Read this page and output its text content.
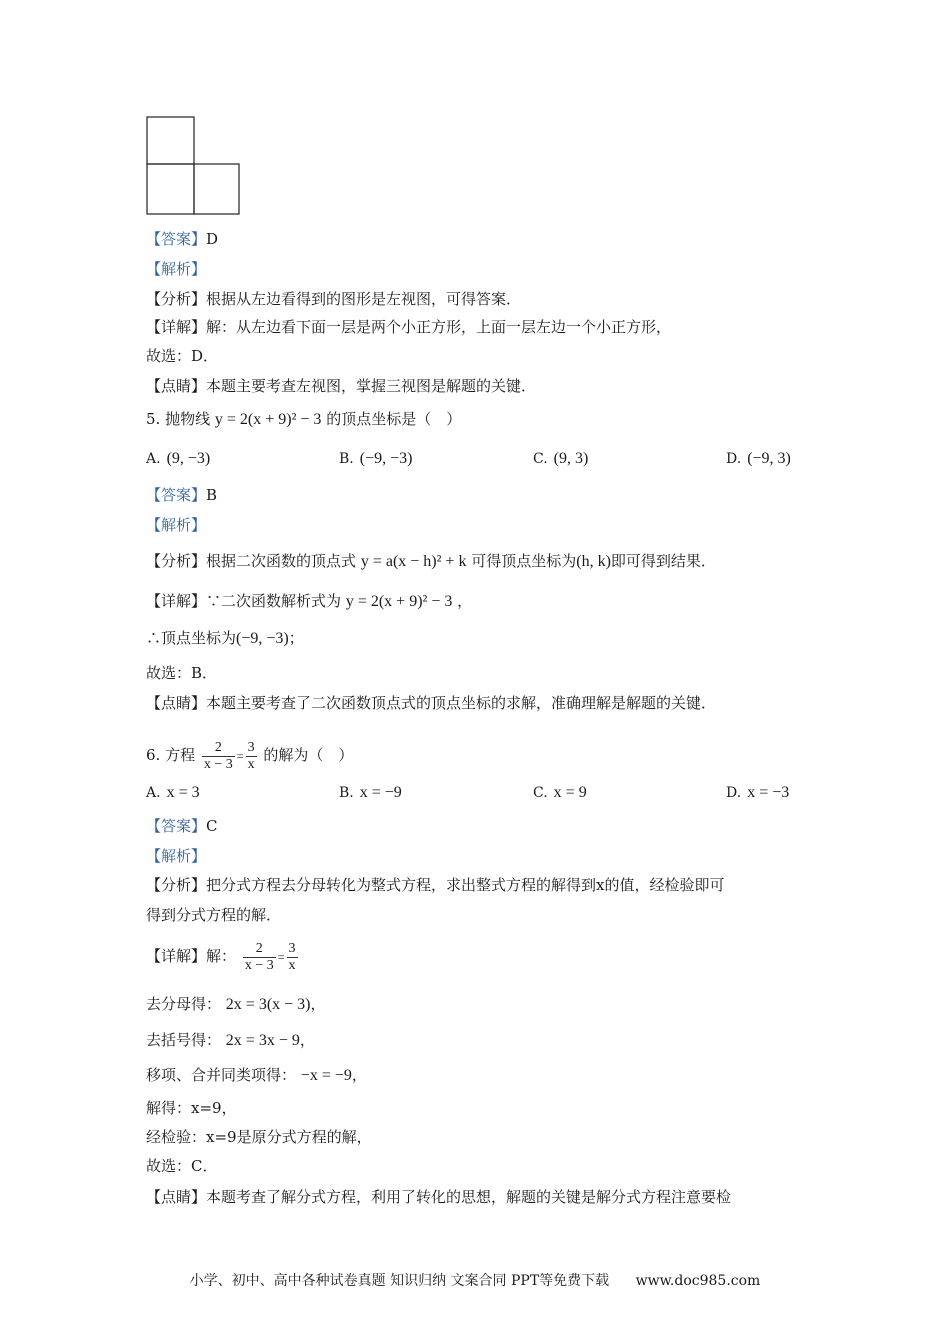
【答案】D
【解析】
【分析】根据从左边看得到的图形是左视图，可得答案．
【详解】解：从左边看下面一层是两个小正方形，上面一层左边一个小正方形，
故选：D．
【点睛】本题主要考查左视图，掌握三视图是解题的关键．
5. 抛物线 y = 2(x + 9)² − 3 的顶点坐标是（　）
A. (9, −3)	B. (−9, −3)	C. (9, 3)	D. (−9, 3)
【答案】B
【解析】
【分析】根据二次函数的顶点式 y = a(x − h)² + k 可得顶点坐标为(h, k)即可得到结果．
【详解】∵二次函数解析式为 y = 2(x + 9)² − 3 ，
∴顶点坐标为(−9, −3)；
故选：B．
【点睛】本题主要考查了二次函数顶点式的顶点坐标的求解，准确理解是解题的关键．
6. 方程 $\frac{2}{x - 3} = \frac{3}{x}$ 的解为（　）
A. x = 3	B. x = −9	C. x = 9	D. x = −3
【答案】C
【解析】
【分析】把分式方程去分母转化为整式方程，求出整式方程的解得到x的值，经检验即可
得到分式方程的解．
【详解】解： $\frac{2}{x - 3} = \frac{3}{x}$
去分母得： 2x = 3(x − 3)，
去括号得： 2x = 3x − 9，
移项、合并同类项得： −x = −9，
解得：x=9，
经检验：x=9是原分式方程的解，
故选：C．
【点睛】本题考查了解分式方程，利用了转化的思想，解题的关键是解分式方程注意要检
小学、初中、高中各种试卷真题 知识归纳 文案合同 PPT等免费下载 www.doc985.com
